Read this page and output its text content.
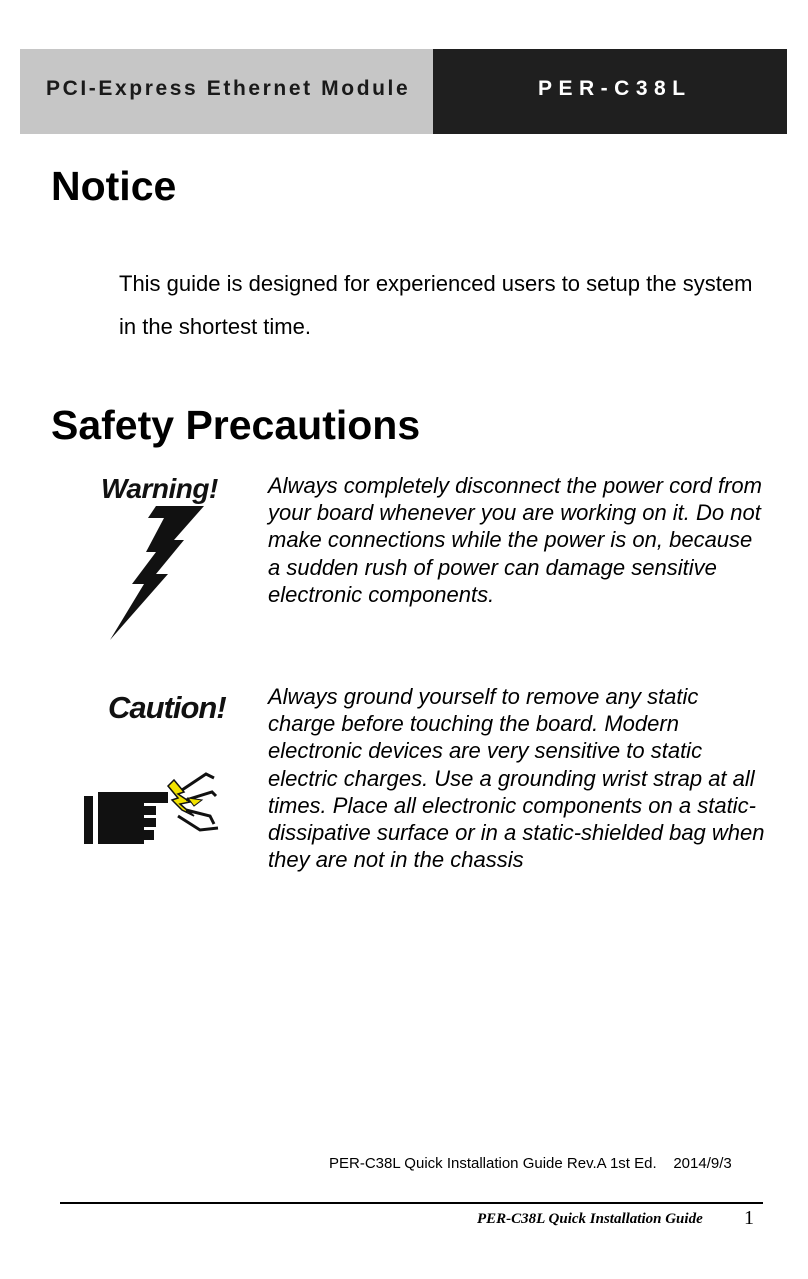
PCI-Express Ethernet Module	PER-C38L
Notice

This guide is designed for experienced users to setup the system in the shortest time.

Safety Precautions
Warning! Always completely disconnect the power cord from your board whenever you are working on it. Do not make connections while the power is on, because a sudden rush of power can damage sensitive electronic components.

Caution! Always ground yourself to remove any static charge before touching the board. Modern electronic devices are very sensitive to static electric charges. Use a grounding wrist strap at all times. Place all electronic components on a static-dissipative surface or in a static-shielded bag when they are not in the chassis

PER-C38L Quick Installation Guide Rev.A 1st Ed. 2014/9/3

PER-C38L Quick Installation Guide 1
